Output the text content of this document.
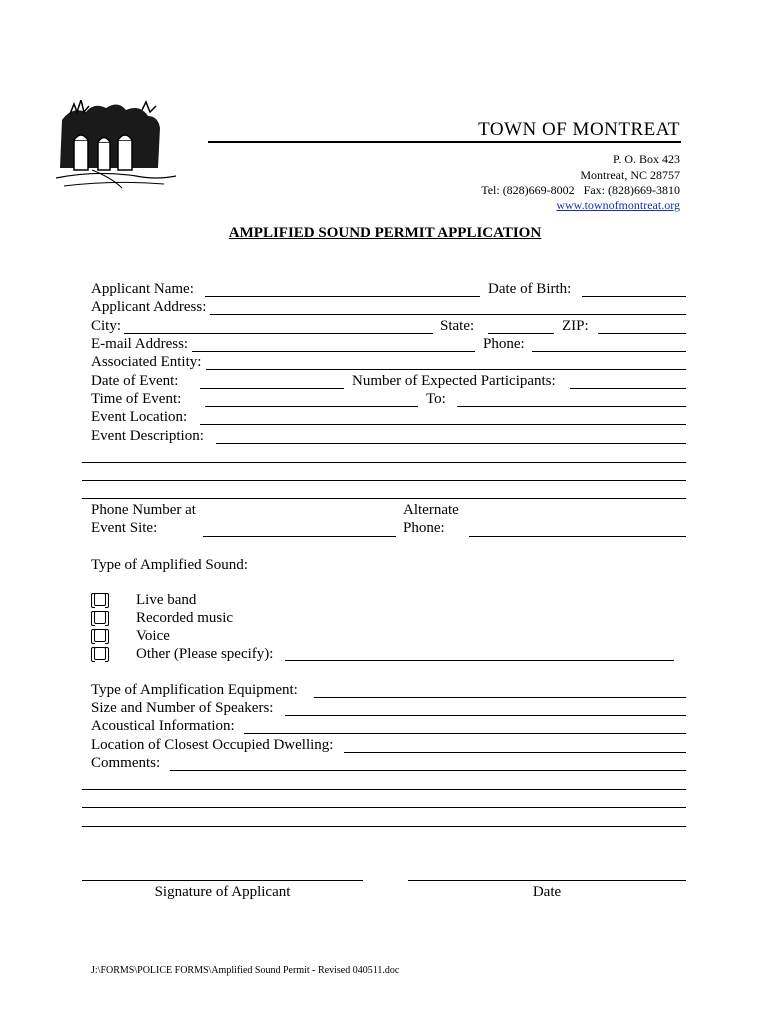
TOWN OF MONTREAT
P. O. Box 423
Montreat, NC 28757
Tel: (828)669-8002   Fax: (828)669-3810
www.townofmontreat.org
AMPLIFIED SOUND PERMIT APPLICATION
Applicant Name:	Date of Birth:
Applicant Address:
City:	State:	ZIP:
E-mail Address:	Phone:
Associated Entity:
Date of Event:	Number of Expected Participants:
Time of Event:	To:
Event Location:
Event Description:
Phone Number at
Event Site:
Alternate
Phone:
Type of Amplified Sound:
Live band
Recorded music
Voice
Other (Please specify):
Type of Amplification Equipment:
Size and Number of Speakers:
Acoustical Information:
Location of Closest Occupied Dwelling:
Comments:
Signature of Applicant	Date
J:\FORMS\POLICE FORMS\Amplified Sound Permit - Revised 040511.doc
